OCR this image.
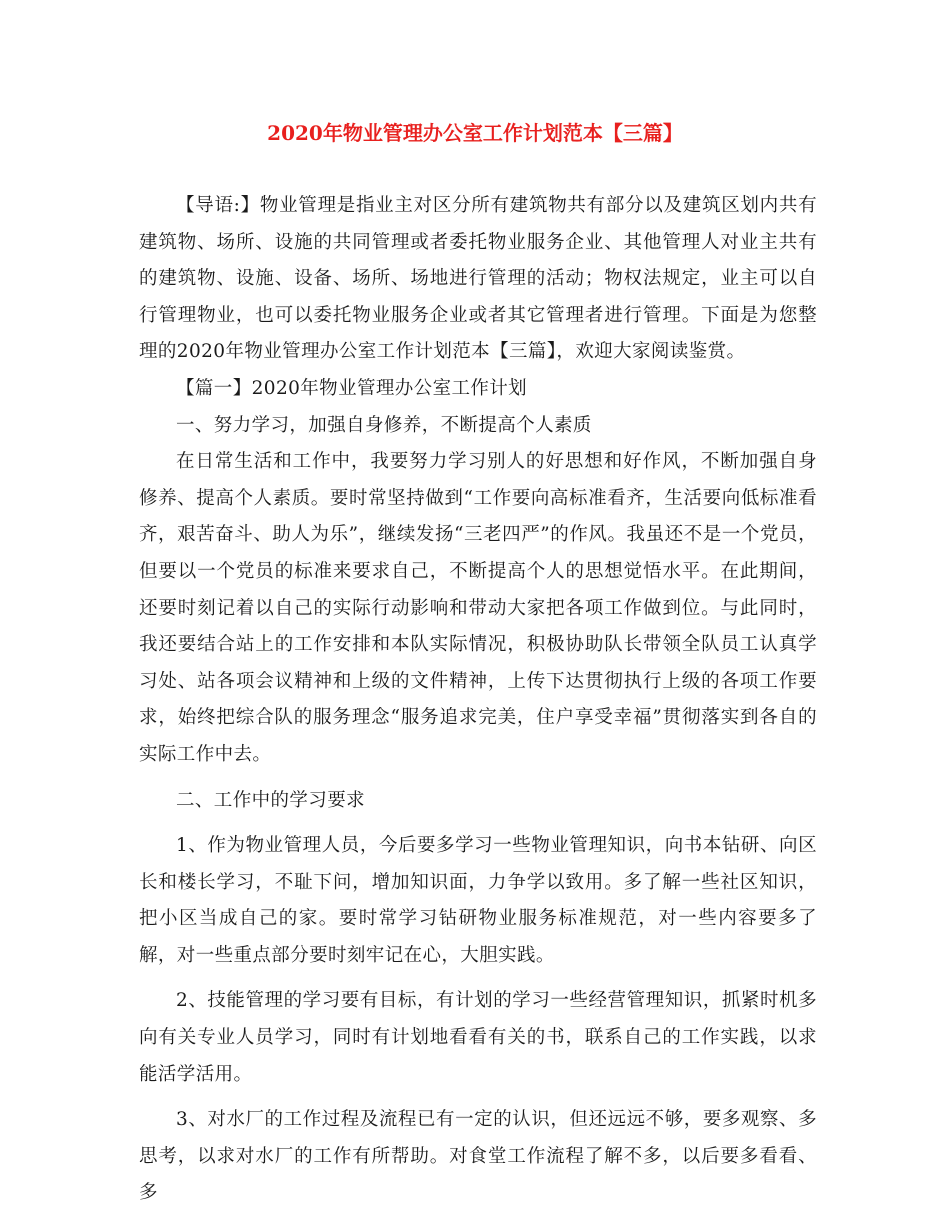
2020年物业管理办公室工作计划范本【三篇】

【导语:】物业管理是指业主对区分所有建筑物共有部分以及建筑区划内共有建筑物、场所、设施的共同管理或者委托物业服务企业、其他管理人对业主共有的建筑物、设施、设备、场所、场地进行管理的活动；物权法规定，业主可以自行管理物业，也可以委托物业服务企业或者其它管理者进行管理。下面是为您整理的2020年物业管理办公室工作计划范本【三篇】，欢迎大家阅读鉴赏。

【篇一】2020年物业管理办公室工作计划

一、努力学习，加强自身修养，不断提高个人素质

在日常生活和工作中，我要努力学习别人的好思想和好作风，不断加强自身修养、提高个人素质。要时常坚持做到“工作要向高标准看齐，生活要向低标准看齐，艰苦奋斗、助人为乐”，继续发扬“三老四严”的作风。我虽还不是一个党员，但要以一个党员的标准来要求自己，不断提高个人的思想觉悟水平。在此期间，还要时刻记着以自己的实际行动影响和带动大家把各项工作做到位。与此同时，我还要结合站上的工作安排和本队实际情况，积极协助队长带领全队员工认真学习处、站各项会议精神和上级的文件精神，上传下达贯彻执行上级的各项工作要求，始终把综合队的服务理念“服务追求完美，住户享受幸福”贯彻落实到各自的实际工作中去。

二、工作中的学习要求

1、作为物业管理人员，今后要多学习一些物业管理知识，向书本钻研、向区长和楼长学习，不耻下问，增加知识面，力争学以致用。多了解一些社区知识，把小区当成自己的家。要时常学习钻研物业服务标准规范，对一些内容要多了解，对一些重点部分要时刻牢记在心，大胆实践。

2、技能管理的学习要有目标，有计划的学习一些经营管理知识，抓紧时机多向有关专业人员学习，同时有计划地看看有关的书，联系自己的工作实践，以求能活学活用。

3、对水厂的工作过程及流程已有一定的认识，但还远远不够，要多观察、多思考，以求对水厂的工作有所帮助。对食堂工作流程了解不多，以后要多看看、多
